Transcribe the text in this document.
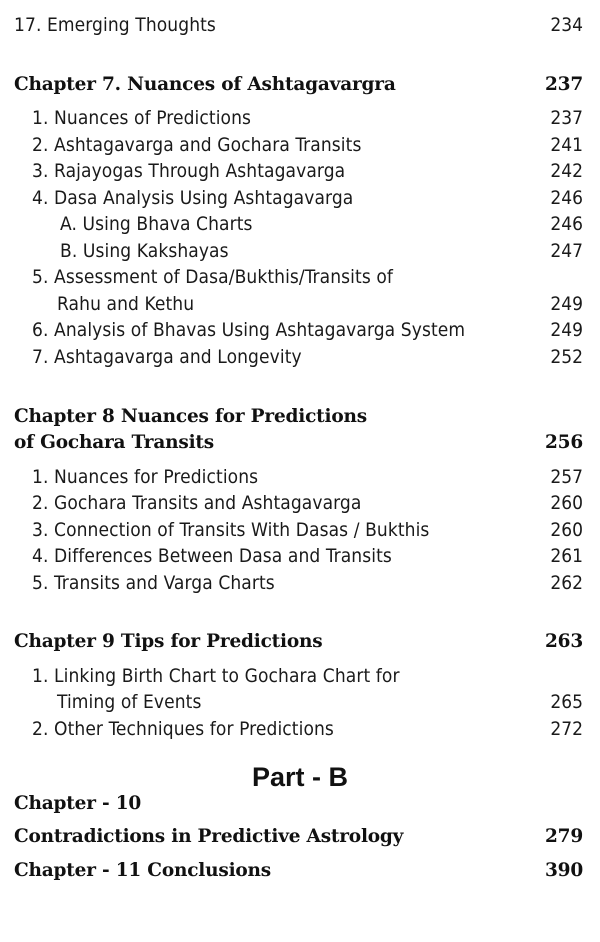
17. Emerging Thoughts	234
Chapter 7. Nuances of Ashtagavargra	237
1. Nuances of Predictions	237
2. Ashtagavarga and Gochara Transits	241
3. Rajayogas Through Ashtagavarga	242
4. Dasa Analysis Using Ashtagavarga	246
A. Using Bhava Charts	246
B. Using Kakshayas	247
5. Assessment of Dasa/Bukthis/Transits of
Rahu and Kethu	249
6. Analysis of Bhavas Using Ashtagavarga System	249
7. Ashtagavarga and Longevity	252
Chapter 8 Nuances for Predictions
of Gochara Transits	256
1. Nuances for Predictions	257
2. Gochara Transits and Ashtagavarga	260
3. Connection of Transits With Dasas / Bukthis	260
4. Differences Between Dasa and Transits	261
5. Transits and Varga Charts	262
Chapter 9 Tips for Predictions	263
1. Linking Birth Chart to Gochara Chart for
Timing of Events	265
2. Other Techniques for Predictions	272
Part - B
Chapter - 10
Contradictions in Predictive Astrology	279
Chapter - 11 Conclusions	390
